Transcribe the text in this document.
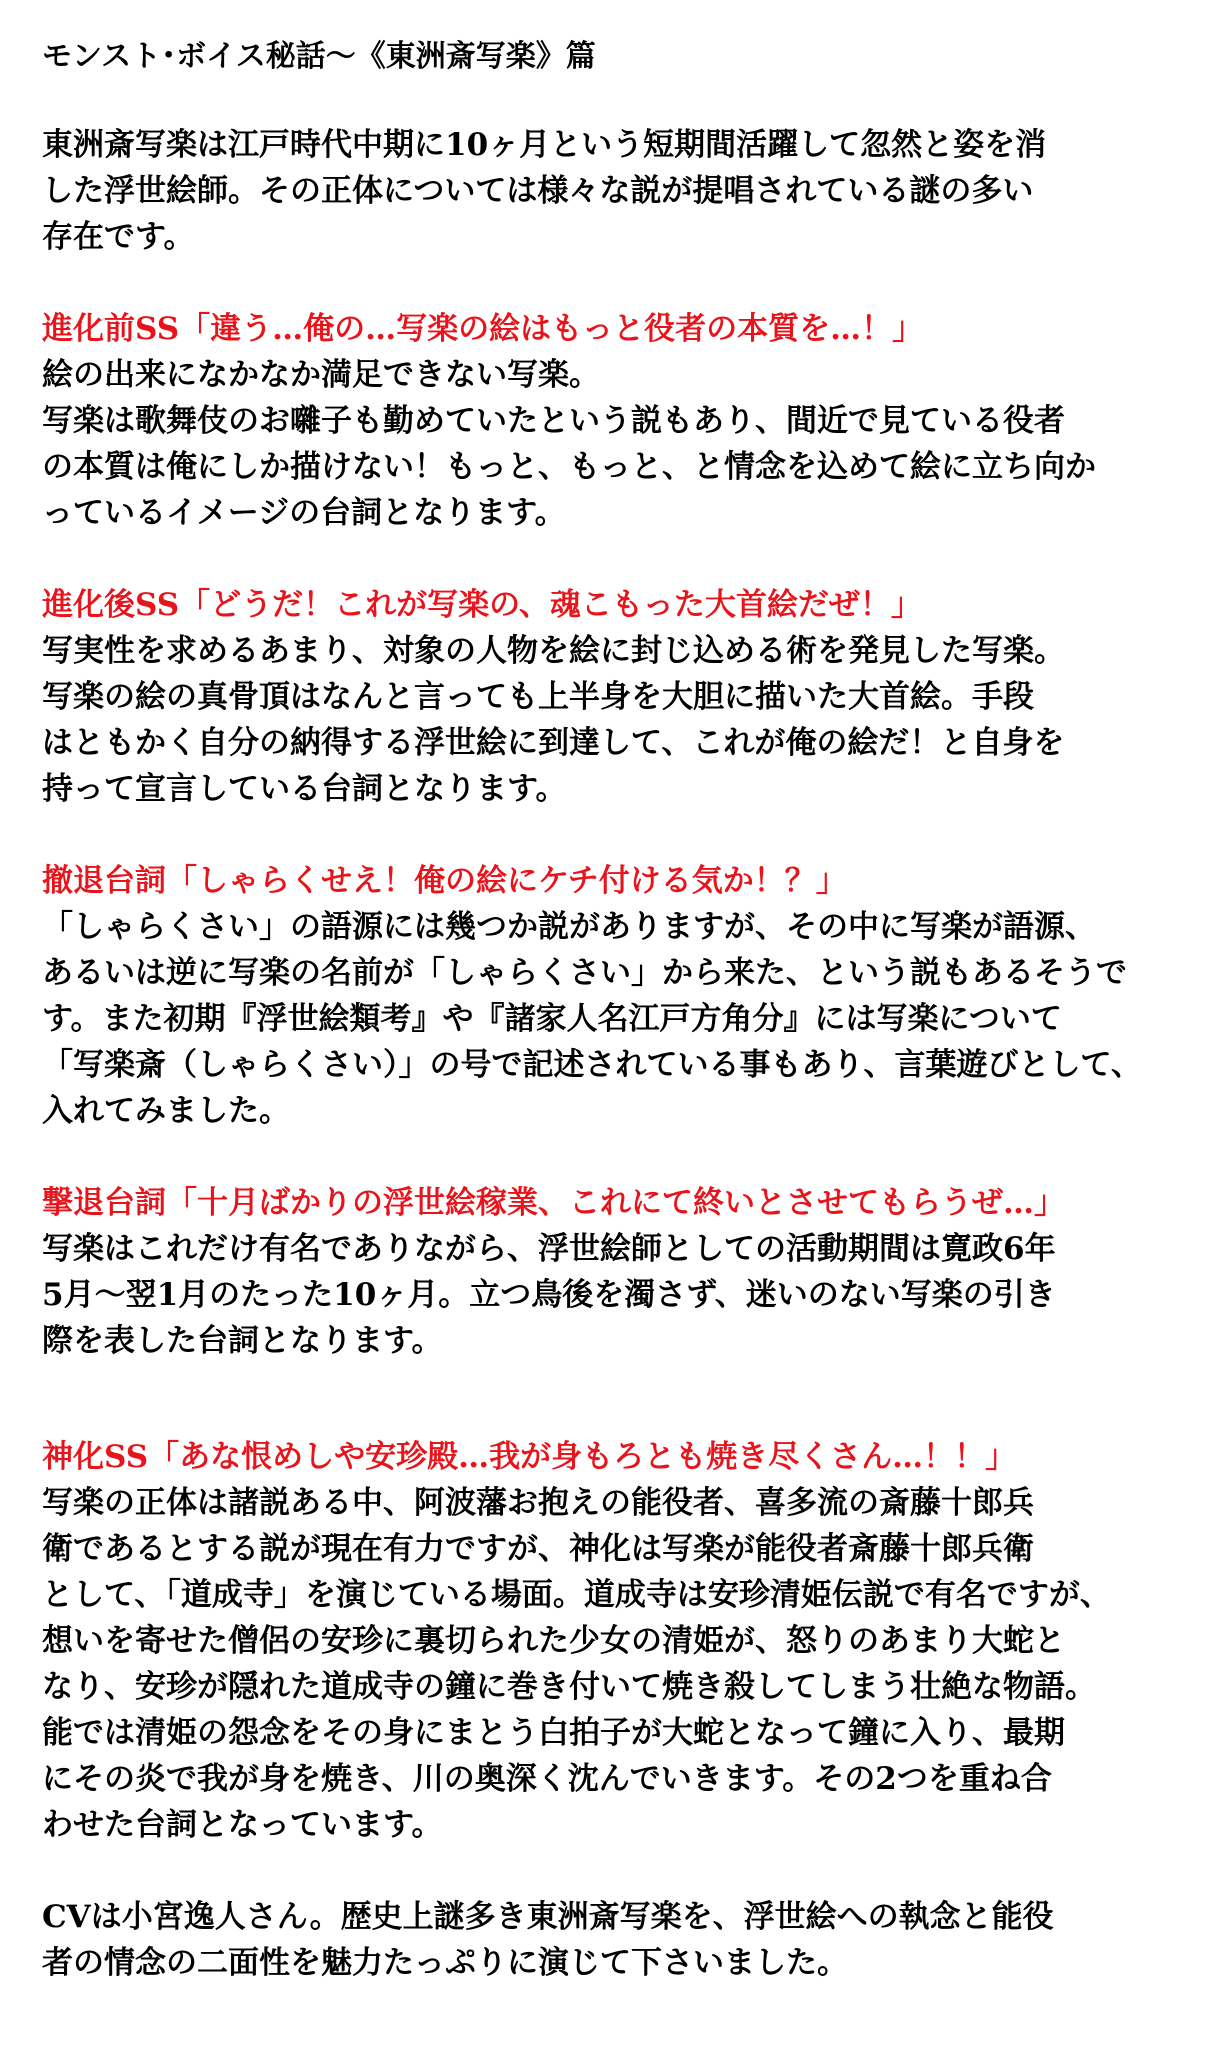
モンスト･ボイス秘話～《東洲斎写楽》篇

東洲斎写楽は江戸時代中期に10ヶ月という短期間活躍して忽然と姿を消
した浮世絵師。その正体については様々な説が提唱されている謎の多い
存在です。

進化前SS「違う…俺の…写楽の絵はもっと役者の本質を…！」

絵の出来になかなか満足できない写楽。
写楽は歌舞伎のお囃子も勤めていたという説もあり、間近で見ている役者
の本質は俺にしか描けない！もっと、もっと、と情念を込めて絵に立ち向か
っているイメージの台詞となります。

進化後SS「どうだ！これが写楽の、魂こもった大首絵だぜ！」

写実性を求めるあまり、対象の人物を絵に封じ込める術を発見した写楽。
写楽の絵の真骨頂はなんと言っても上半身を大胆に描いた大首絵。手段
はともかく自分の納得する浮世絵に到達して、これが俺の絵だ！と自身を
持って宣言している台詞となります。

撤退台詞「しゃらくせえ！俺の絵にケチ付ける気か！？」

「しゃらくさい」の語源には幾つか説がありますが、その中に写楽が語源、
あるいは逆に写楽の名前が「しゃらくさい」から来た、という説もあるそうで
す。また初期『浮世絵類考』や『諸家人名江戸方角分』には写楽について
「写楽斎（しゃらくさい）」の号で記述されている事もあり、言葉遊びとして、
入れてみました。

撃退台詞「十月ばかりの浮世絵稼業、これにて終いとさせてもらうぜ…」

写楽はこれだけ有名でありながら、浮世絵師としての活動期間は寛政6年
5月～翌1月のたった10ヶ月。立つ鳥後を濁さず、迷いのない写楽の引き
際を表した台詞となります。

神化SS「あな恨めしや安珍殿…我が身もろとも焼き尽くさん…！！」

写楽の正体は諸説ある中、阿波藩お抱えの能役者、喜多流の斎藤十郎兵
衛であるとする説が現在有力ですが、神化は写楽が能役者斎藤十郎兵衛
として、「道成寺」を演じている場面。道成寺は安珍清姫伝説で有名ですが、
想いを寄せた僧侶の安珍に裏切られた少女の清姫が、怒りのあまり大蛇と
なり、安珍が隠れた道成寺の鐘に巻き付いて焼き殺してしまう壮絶な物語。
能では清姫の怨念をその身にまとう白拍子が大蛇となって鐘に入り、最期
にその炎で我が身を焼き、川の奥深く沈んでいきます。その2つを重ね合
わせた台詞となっています。

CVは小宮逸人さん。歴史上謎多き東洲斎写楽を、浮世絵への執念と能役
者の情念の二面性を魅力たっぷりに演じて下さいました。
